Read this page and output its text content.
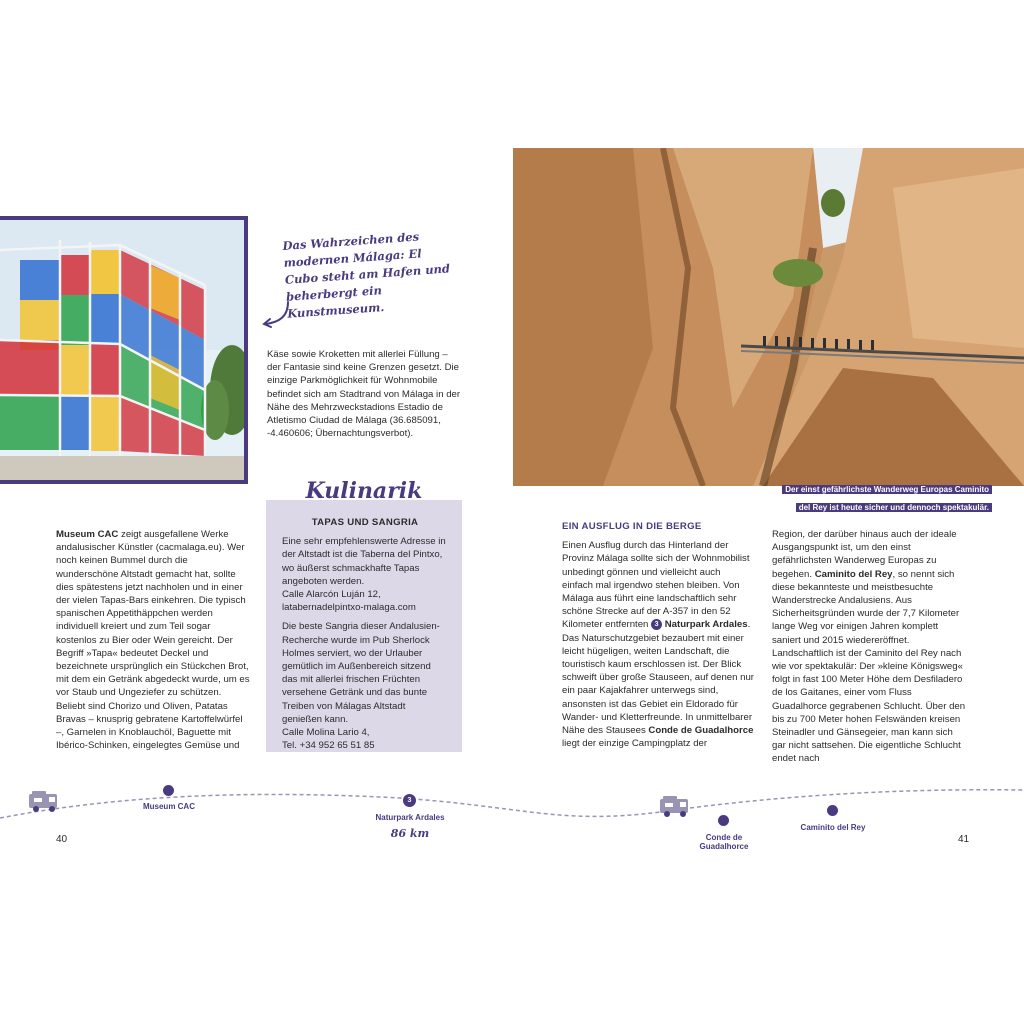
Das Wahrzeichen des modernen Málaga: El Cubo steht am Hafen und beherbergt ein Kunstmuseum.

Käse sowie Kroketten mit allerlei Füllung – der Fantasie sind keine Grenzen gesetzt. Die einzige Parkmöglichkeit für Wohnmobile befindet sich am Stadtrand von Málaga in der Nähe des Mehrzweckstadions Estadio de Atletismo Ciudad de Málaga (36.685091, -4.460606; Übernachtungsverbot).

Museum CAC zeigt ausgefallene Werke andalusischer Künstler (cacmalaga.eu). Wer noch keinen Bummel durch die wunderschöne Altstadt gemacht hat, sollte dies spätestens jetzt nachholen und in einer der vielen Tapas-Bars einkehren. Die typisch spanischen Appetithäppchen werden individuell kreiert und zum Teil sogar kostenlos zu Bier oder Wein gereicht. Der Begriff »Tapa« bedeutet Deckel und bezeichnete ursprünglich ein Stückchen Brot, mit dem ein Getränk abgedeckt wurde, um es vor Staub und Ungeziefer zu schützen. Beliebt sind Chorizo und Oliven, Patatas Bravas – knusprig gebratene Kartoffelwürfel –, Garnelen in Knoblauchöl, Baguette mit Ibérico-Schinken, eingelegtes Gemüse und

Kulinarik

TAPAS UND SANGRIA

Eine sehr empfehlenswerte Adresse in der Altstadt ist die Taberna del Pintxo, wo äußerst schmackhafte Tapas angeboten werden.

Calle Alarcón Luján 12,

latabernadelpintxo-malaga.com

Die beste Sangria dieser Andalusien-Recherche wurde im Pub Sherlock Holmes serviert, wo der Urlauber gemütlich im Außenbereich sitzend das mit allerlei frischen Früchten versehene Getränk und das bunte Treiben von Málagas Altstadt genießen kann.

Calle Molina Lario 4,

Tel. +34 952 65 51 85

Der einst gefährlichste Wanderweg Europas Caminito
del Rey ist heute sicher und dennoch spektakulär.

EIN AUSFLUG IN DIE BERGE

Einen Ausflug durch das Hinterland der Provinz Málaga sollte sich der Wohnmobilist unbedingt gönnen und vielleicht auch einfach mal irgendwo stehen bleiben. Von Málaga aus führt eine landschaftlich sehr schöne Strecke auf der A-357 in den 52 Kilometer entfernten 3 Naturpark Ardales. Das Naturschutzgebiet bezaubert mit einer leicht hügeligen, weiten Landschaft, die touristisch kaum erschlossen ist. Der Blick schweift über große Stauseen, auf denen nur ein paar Kajakfahrer unterwegs sind, ansonsten ist das Gebiet ein Eldorado für Wander- und Kletterfreunde. In unmittelbarer Nähe des Stausees Conde de Guadalhorce liegt der einzige Campingplatz der

Region, der darüber hinaus auch der ideale Ausgangspunkt ist, um den einst gefährlichsten Wanderweg Europas zu begehen. Caminito del Rey, so nennt sich diese bekannteste und meistbesuchte Wanderstrecke Andalusiens. Aus Sicherheitsgründen wurde der 7,7 Kilometer lange Weg vor einigen Jahren komplett saniert und 2015 wiedereröffnet. Landschaftlich ist der Caminito del Rey nach wie vor spektakulär: Der »kleine Königsweg« folgt in fast 100 Meter Höhe dem Desfiladero de los Gaitanes, einer vom Fluss Guadalhorce gegrabenen Schlucht. Über den bis zu 700 Meter hohen Felswänden kreisen Steinadler und Gänsegeier, man kann sich gar nicht sattsehen. Die eigentliche Schlucht endet nach

Museum CAC
3
Naturpark Ardales
86 km	Conde de Guadalhorce
Caminito del Rey
40	41
